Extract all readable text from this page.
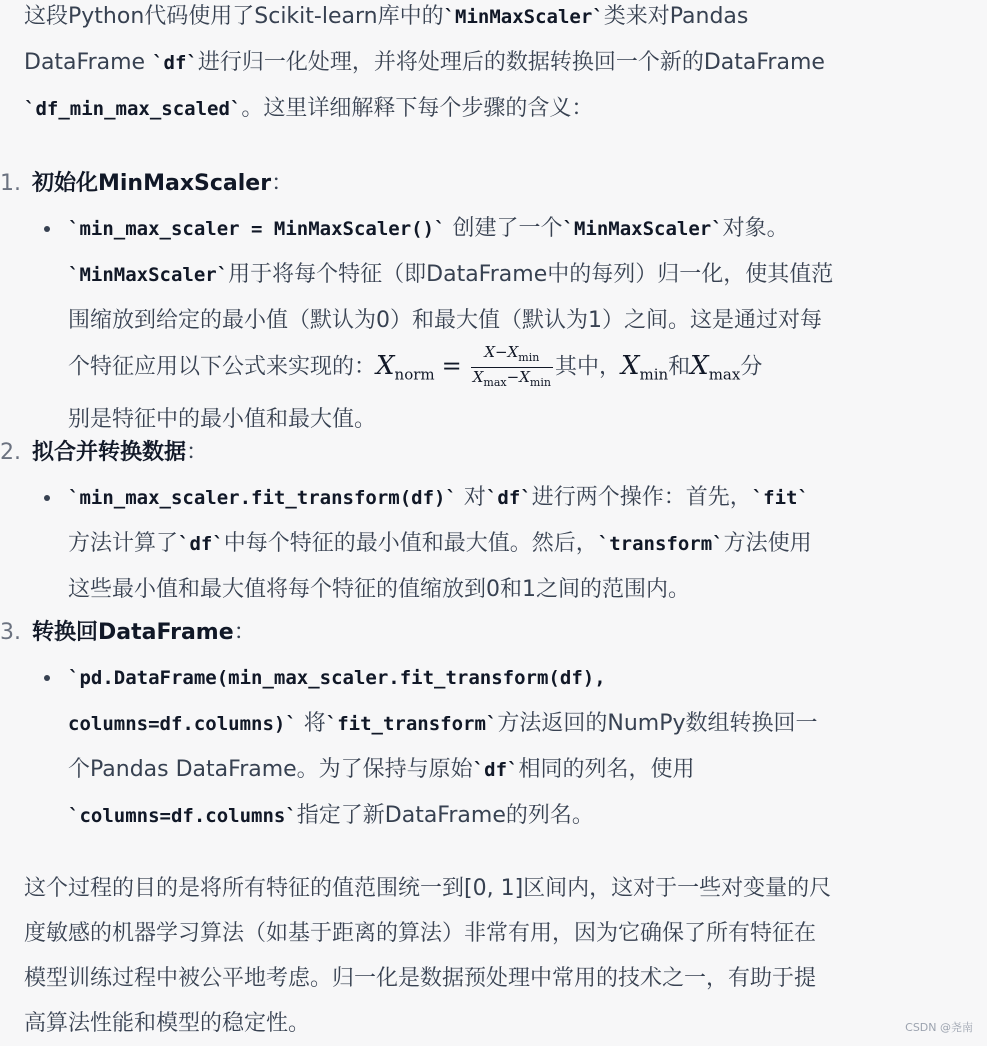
这段Python代码使用了Scikit-learn库中的`MinMaxScaler`类来对Pandas
DataFrame `df`进行归一化处理，并将处理后的数据转换回一个新的DataFrame
`df_min_max_scaled`。这里详细解释下每个步骤的含义：

1. 初始化MinMaxScaler：

`min_max_scaler = MinMaxScaler()` 创建了一个`MinMaxScaler`对象。
`MinMaxScaler`用于将每个特征（即DataFrame中的每列）归一化，使其值范
围缩放到给定的最小值（默认为0）和最大值（默认为1）之间。这是通过对每
个特征应用以下公式来实现的：$X_{norm} = \frac{X-X_{min}}{X_{max}-X_{min}}$ 其中，$X_{min}$和$X_{max}$分
别是特征中的最小值和最大值。

2. 拟合并转换数据：

`min_max_scaler.fit_transform(df)` 对`df`进行两个操作：首先，`fit`
方法计算了`df`中每个特征的最小值和最大值。然后，`transform`方法使用
这些最小值和最大值将每个特征的值缩放到0和1之间的范围内。

3. 转换回DataFrame：

`pd.DataFrame(min_max_scaler.fit_transform(df),
columns=df.columns)` 将`fit_transform`方法返回的NumPy数组转换回一
个Pandas DataFrame。为了保持与原始`df`相同的列名，使用
`columns=df.columns`指定了新DataFrame的列名。

这个过程的目的是将所有特征的值范围统一到[0, 1]区间内，这对于一些对变量的尺
度敏感的机器学习算法（如基于距离的算法）非常有用，因为它确保了所有特征在
模型训练过程中被公平地考虑。归一化是数据预处理中常用的技术之一，有助于提
高算法性能和模型的稳定性。	CSDN @尧南
